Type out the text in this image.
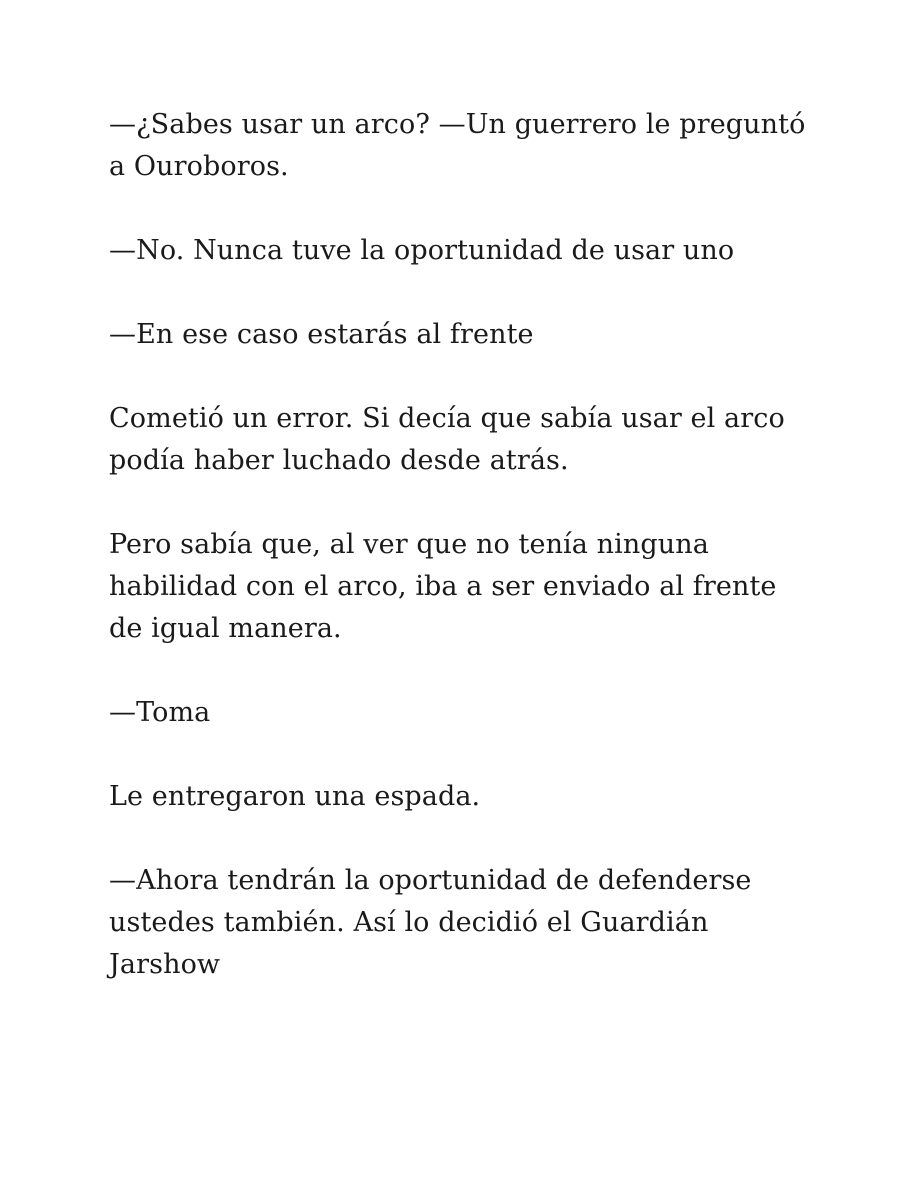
—¿Sabes usar un arco? —Un guerrero le preguntó a Ouroboros.

—No. Nunca tuve la oportunidad de usar uno

—En ese caso estarás al frente

Cometió un error. Si decía que sabía usar el arco podía haber luchado desde atrás.

Pero sabía que, al ver que no tenía ninguna habilidad con el arco, iba a ser enviado al frente de igual manera.

—Toma

Le entregaron una espada.

—Ahora tendrán la oportunidad de defenderse ustedes también. Así lo decidió el Guardián Jarshow
